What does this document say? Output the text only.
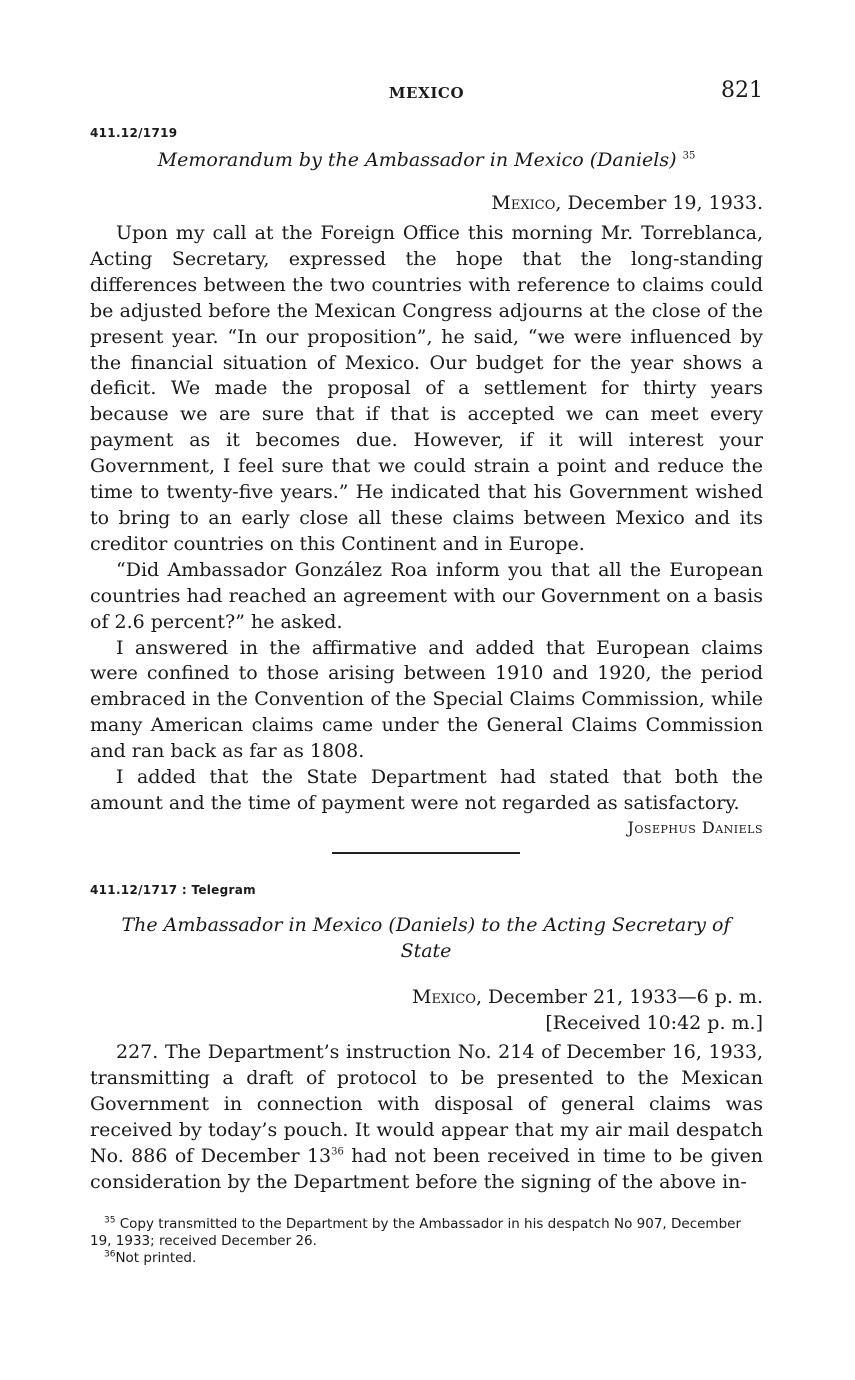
MEXICO	821
411.12/1719
Memorandum by the Ambassador in Mexico (Daniels) $^{35}$
Mexico, December 19, 1933.

Upon my call at the Foreign Office this morning Mr. Torreblanca, Acting Secretary, expressed the hope that the long-standing differences between the two countries with reference to claims could be adjusted before the Mexican Congress adjourns at the close of the present year. “In our proposition”, he said, “we were influenced by the financial situation of Mexico. Our budget for the year shows a deficit. We made the proposal of a settlement for thirty years because we are sure that if that is accepted we can meet every payment as it becomes due. However, if it will interest your Government, I feel sure that we could strain a point and reduce the time to twenty-five years.” He indicated that his Government wished to bring to an early close all these claims between Mexico and its creditor countries on this Continent and in Europe.

“Did Ambassador González Roa inform you that all the European countries had reached an agreement with our Government on a basis of 2.6 percent?” he asked.

I answered in the affirmative and added that European claims were confined to those arising between 1910 and 1920, the period embraced in the Convention of the Special Claims Commission, while many American claims came under the General Claims Commission and ran back as far as 1808.

I added that the State Department had stated that both the amount and the time of payment were not regarded as satisfactory.

Josephus Daniels
411.12/1717 : Telegram
The Ambassador in Mexico (Daniels) to the Acting Secretary of State
Mexico, December 21, 1933—6 p. m.
[Received 10:42 p. m.]

227. The Department’s instruction No. 214 of December 16, 1933, transmitting a draft of protocol to be presented to the Mexican Government in connection with disposal of general claims was received by today’s pouch. It would appear that my air mail despatch No. 886 of December $13^{36}$ had not been received in time to be given consideration by the Department before the signing of the above in-

$^{35}$ Copy transmitted to the Department by the Ambassador in his despatch No 907, December 19, 1933; received December 26.

$^{36}$Not printed.
